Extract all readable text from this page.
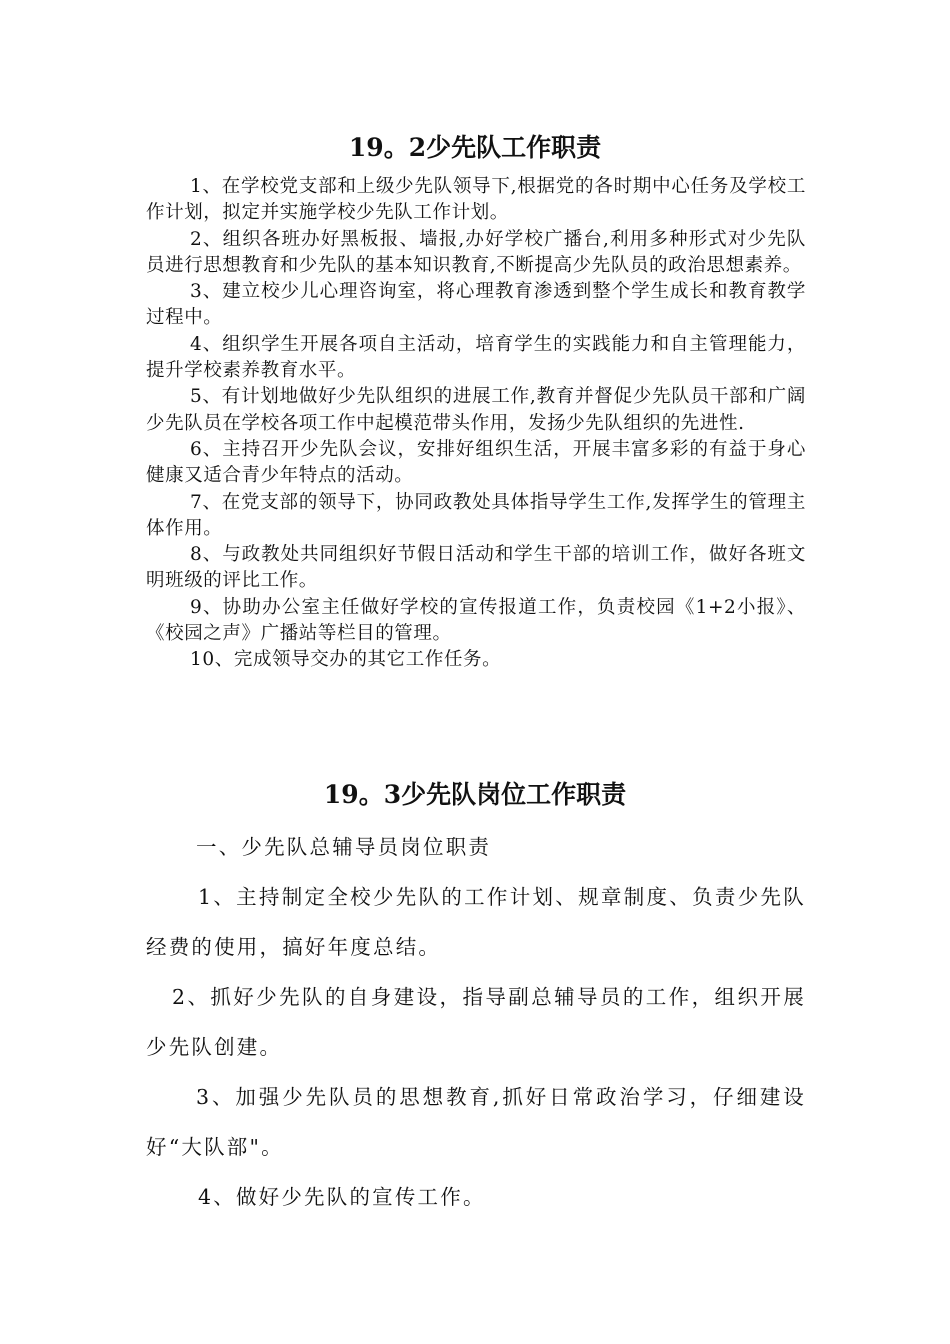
19。2少先队工作职责

1、在学校党支部和上级少先队领导下,根据党的各时期中心任务及学校工作计划，拟定并实施学校少先队工作计划。

2、组织各班办好黑板报、墙报,办好学校广播台,利用多种形式对少先队员进行思想教育和少先队的基本知识教育,不断提高少先队员的政治思想素养。

3、建立校少儿心理咨询室，将心理教育渗透到整个学生成长和教育教学过程中。

4、组织学生开展各项自主活动，培育学生的实践能力和自主管理能力，提升学校素养教育水平。

5、有计划地做好少先队组织的进展工作,教育并督促少先队员干部和广阔少先队员在学校各项工作中起模范带头作用，发扬少先队组织的先进性.

6、主持召开少先队会议，安排好组织生活，开展丰富多彩的有益于身心健康又适合青少年特点的活动。

7、在党支部的领导下，协同政教处具体指导学生工作,发挥学生的管理主体作用。

8、与政教处共同组织好节假日活动和学生干部的培训工作，做好各班文明班级的评比工作。

9、协助办公室主任做好学校的宣传报道工作，负责校园《1+2小报》、《校园之声》广播站等栏目的管理。

10、完成领导交办的其它工作任务。

19。3少先队岗位工作职责

一、少先队总辅导员岗位职责

1、主持制定全校少先队的工作计划、规章制度、负责少先队经费的使用，搞好年度总结。

2、抓好少先队的自身建设，指导副总辅导员的工作，组织开展少先队创建。

3、加强少先队员的思想教育,抓好日常政治学习，仔细建设好“大队部"。

4、做好少先队的宣传工作。
